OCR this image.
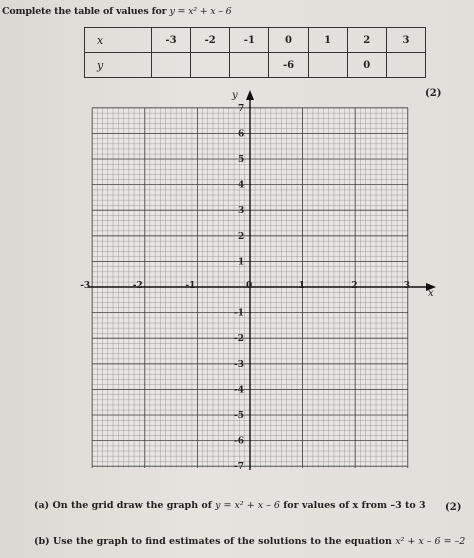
Complete the table of values for y = x² + x – 6
x	-3	-2	-1	0	1	2	3
y				-6		0	
(2)
y
x
-3	-2	-1	0	1	2	3
1
2
3
4
5
6
7
-1
-2
-3
-4
-5
-6
-7
(a) On the grid draw the graph of y = x² + x – 6 for values of x from –3 to 3 (2)
(b) Use the graph to find estimates of the solutions to the equation x² + x – 6 = –2
